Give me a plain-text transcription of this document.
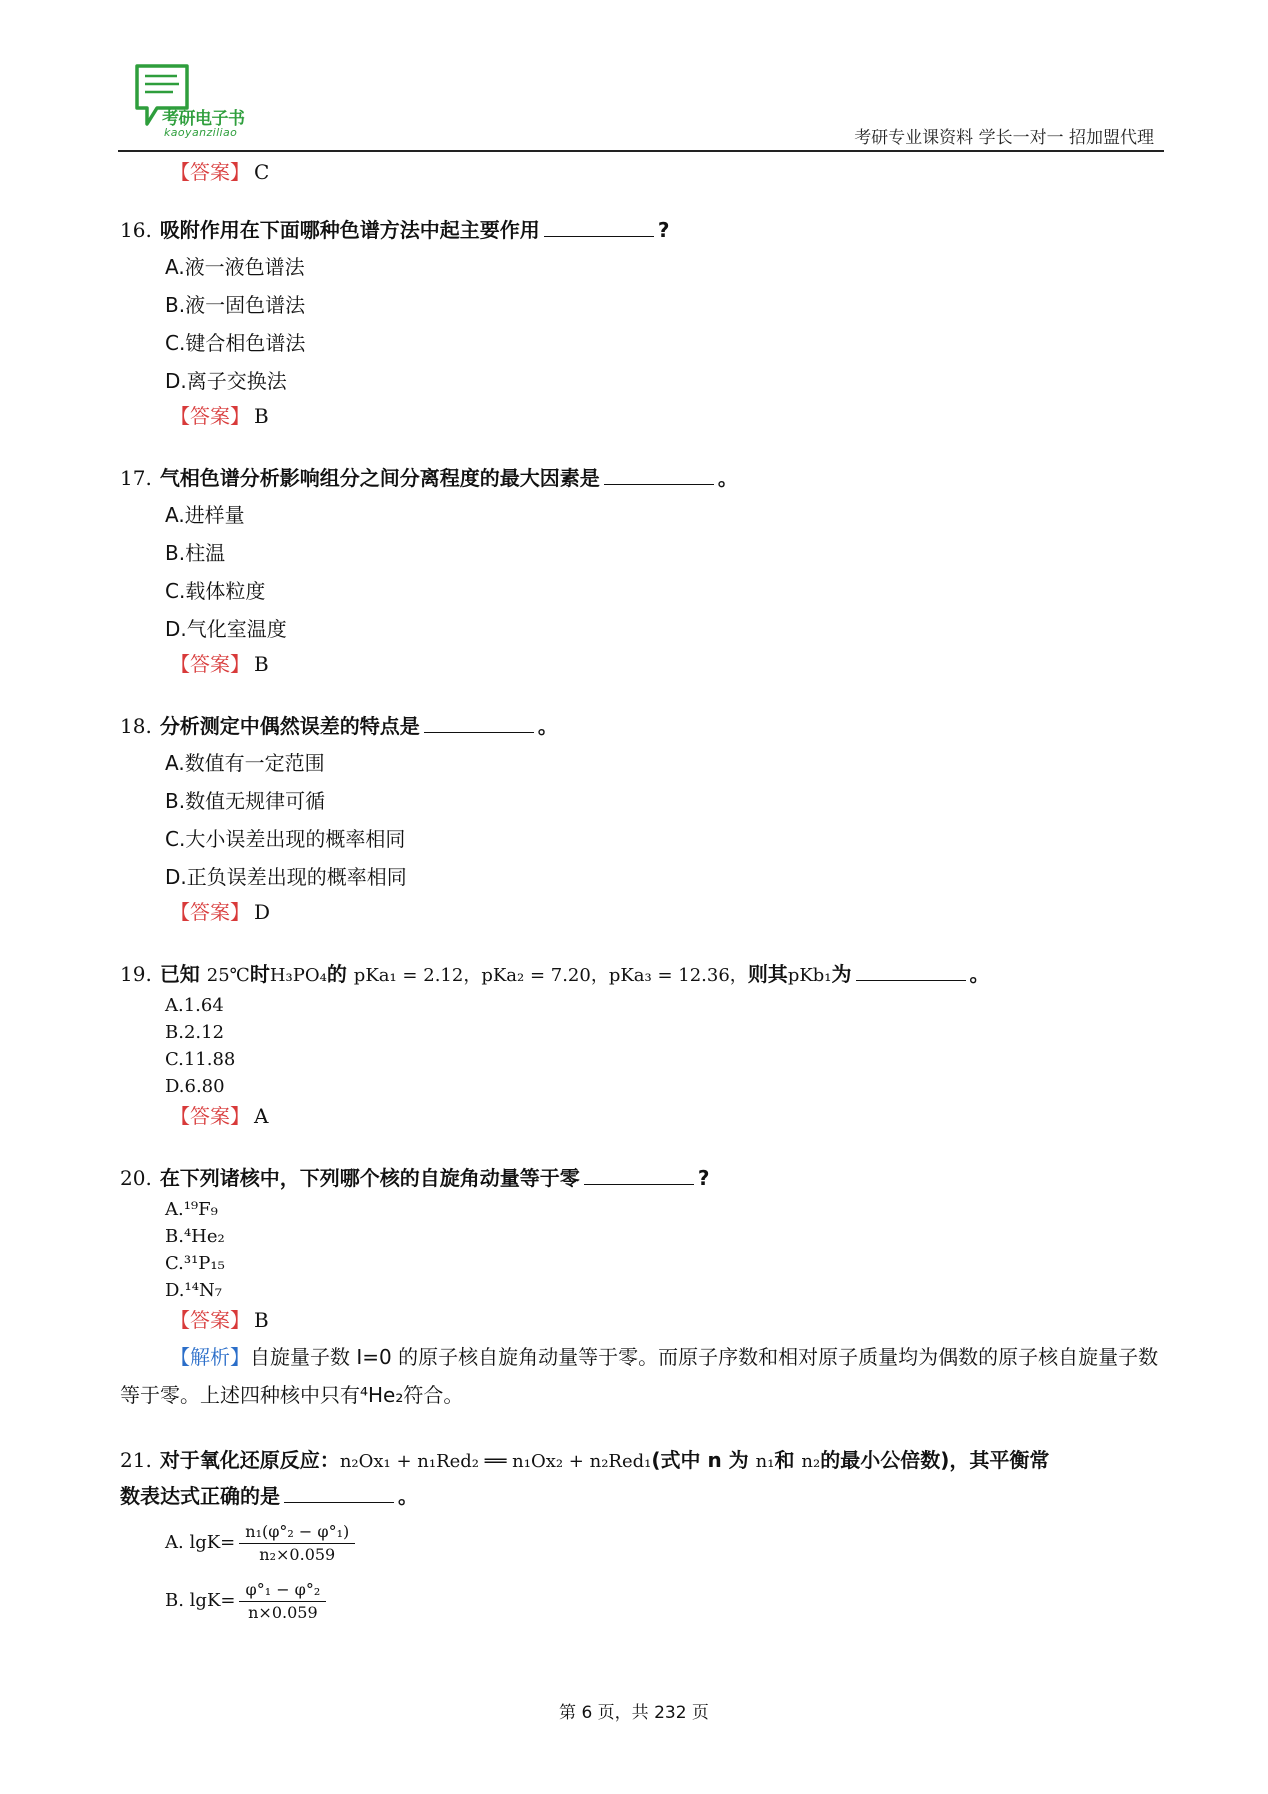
考研电子书
kaoyanziliao	考研专业课资料 学长一对一 招加盟代理
【答案】 C
16. 吸附作用在下面哪种色谱方法中起主要作用	?
A.液一液色谱法
B.液一固色谱法
C.键合相色谱法
D.离子交换法
【答案】 B
17. 气相色谱分析影响组分之间分离程度的最大因素是	。
A.进样量
B.柱温
C.载体粒度
D.气化室温度
【答案】 B
18. 分析测定中偶然误差的特点是	。
A.数值有一定范围
B.数值无规律可循
C.大小误差出现的概率相同
D.正负误差出现的概率相同
【答案】 D
19. 已知 25℃时H₃PO₄的 pKa₁ = 2.12，pKa₂ = 7.20，pKa₃ = 12.36，则其pKb₁为	。
A.1.64
B.2.12
C.11.88
D.6.80
【答案】 A
20. 在下列诸核中，下列哪个核的自旋角动量等于零	?
A.¹⁹F₉
B.⁴He₂
C.³¹P₁₅
D.¹⁴N₇
【答案】 B
【解析】自旋量子数 I=0 的原子核自旋角动量等于零。而原子序数和相对原子质量均为偶数的原子核自旋量子数等于零。上述四种核中只有⁴He₂符合。
21. 对于氧化还原反应：n₂Ox₁ + n₁Red₂ ══ n₁Ox₂ + n₂Red₁(式中 n 为 n₁和 n₂的最小公倍数)，其平衡常
数表达式正确的是	。
A. $\lg K= \frac{\text{n₁(φ°₂ − φ°₁)}}{\text{n₂×0.059}}$
B. $\lg K= \frac{\text{φ°₁ − φ°₂}}{n\times 0.059}$
第 6 页，共 232 页
